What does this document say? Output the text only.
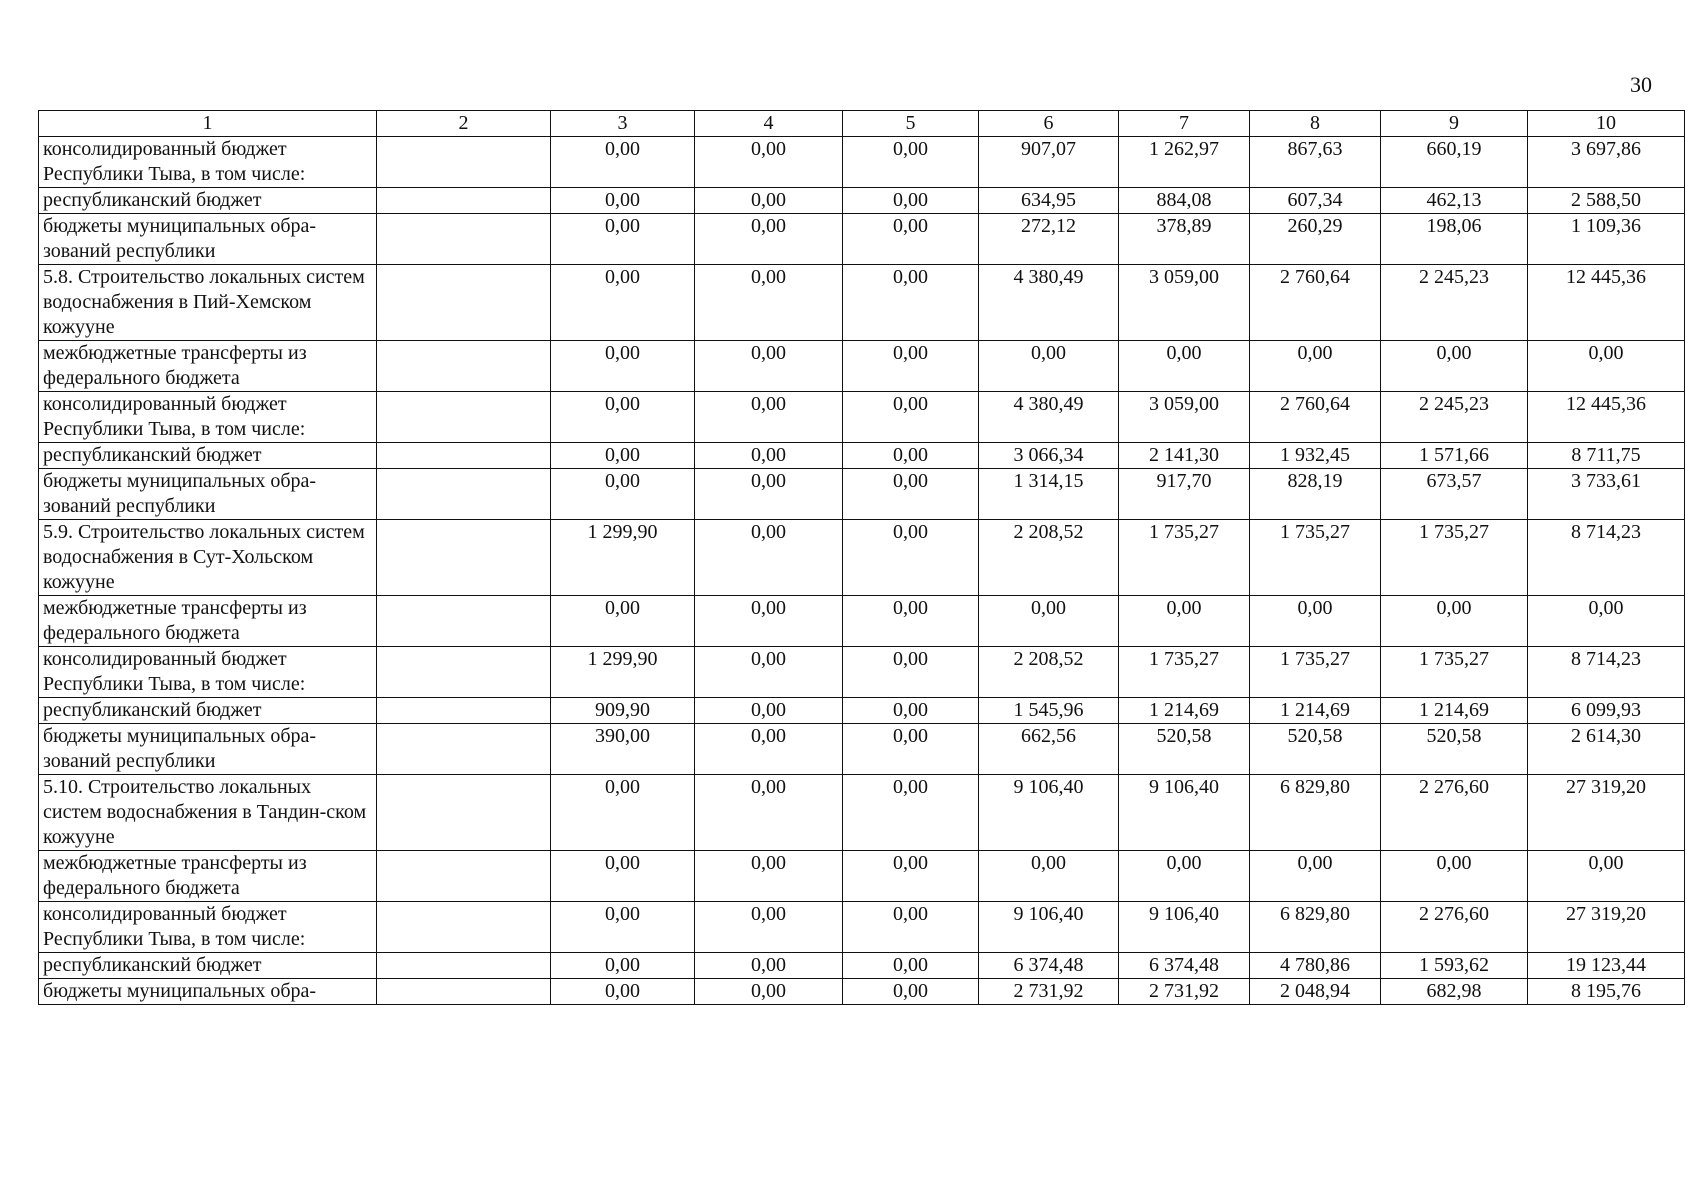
30
1	2	3	4	5	6	7	8	9	10
консолидированный бюджет Республики Тыва, в том числе:		0,00	0,00	0,00	907,07	1 262,97	867,63	660,19	3 697,86
республиканский бюджет		0,00	0,00	0,00	634,95	884,08	607,34	462,13	2 588,50
бюджеты муниципальных обра-зований республики		0,00	0,00	0,00	272,12	378,89	260,29	198,06	1 109,36
5.8. Строительство локальных систем водоснабжения в Пий-Хемском кожууне		0,00	0,00	0,00	4 380,49	3 059,00	2 760,64	2 245,23	12 445,36
межбюджетные трансферты из федерального бюджета		0,00	0,00	0,00	0,00	0,00	0,00	0,00	0,00
консолидированный бюджет Республики Тыва, в том числе:		0,00	0,00	0,00	4 380,49	3 059,00	2 760,64	2 245,23	12 445,36
республиканский бюджет		0,00	0,00	0,00	3 066,34	2 141,30	1 932,45	1 571,66	8 711,75
бюджеты муниципальных обра-зований республики		0,00	0,00	0,00	1 314,15	917,70	828,19	673,57	3 733,61
5.9. Строительство локальных систем водоснабжения в Сут-Хольском кожууне		1 299,90	0,00	0,00	2 208,52	1 735,27	1 735,27	1 735,27	8 714,23
межбюджетные трансферты из федерального бюджета		0,00	0,00	0,00	0,00	0,00	0,00	0,00	0,00
консолидированный бюджет Республики Тыва, в том числе:		1 299,90	0,00	0,00	2 208,52	1 735,27	1 735,27	1 735,27	8 714,23
республиканский бюджет		909,90	0,00	0,00	1 545,96	1 214,69	1 214,69	1 214,69	6 099,93
бюджеты муниципальных обра-зований республики		390,00	0,00	0,00	662,56	520,58	520,58	520,58	2 614,30
5.10. Строительство локальных систем водоснабжения в Тандин-ском кожууне		0,00	0,00	0,00	9 106,40	9 106,40	6 829,80	2 276,60	27 319,20
межбюджетные трансферты из федерального бюджета		0,00	0,00	0,00	0,00	0,00	0,00	0,00	0,00
консолидированный бюджет Республики Тыва, в том числе:		0,00	0,00	0,00	9 106,40	9 106,40	6 829,80	2 276,60	27 319,20
республиканский бюджет		0,00	0,00	0,00	6 374,48	6 374,48	4 780,86	1 593,62	19 123,44
бюджеты муниципальных обра-		0,00	0,00	0,00	2 731,92	2 731,92	2 048,94	682,98	8 195,76
